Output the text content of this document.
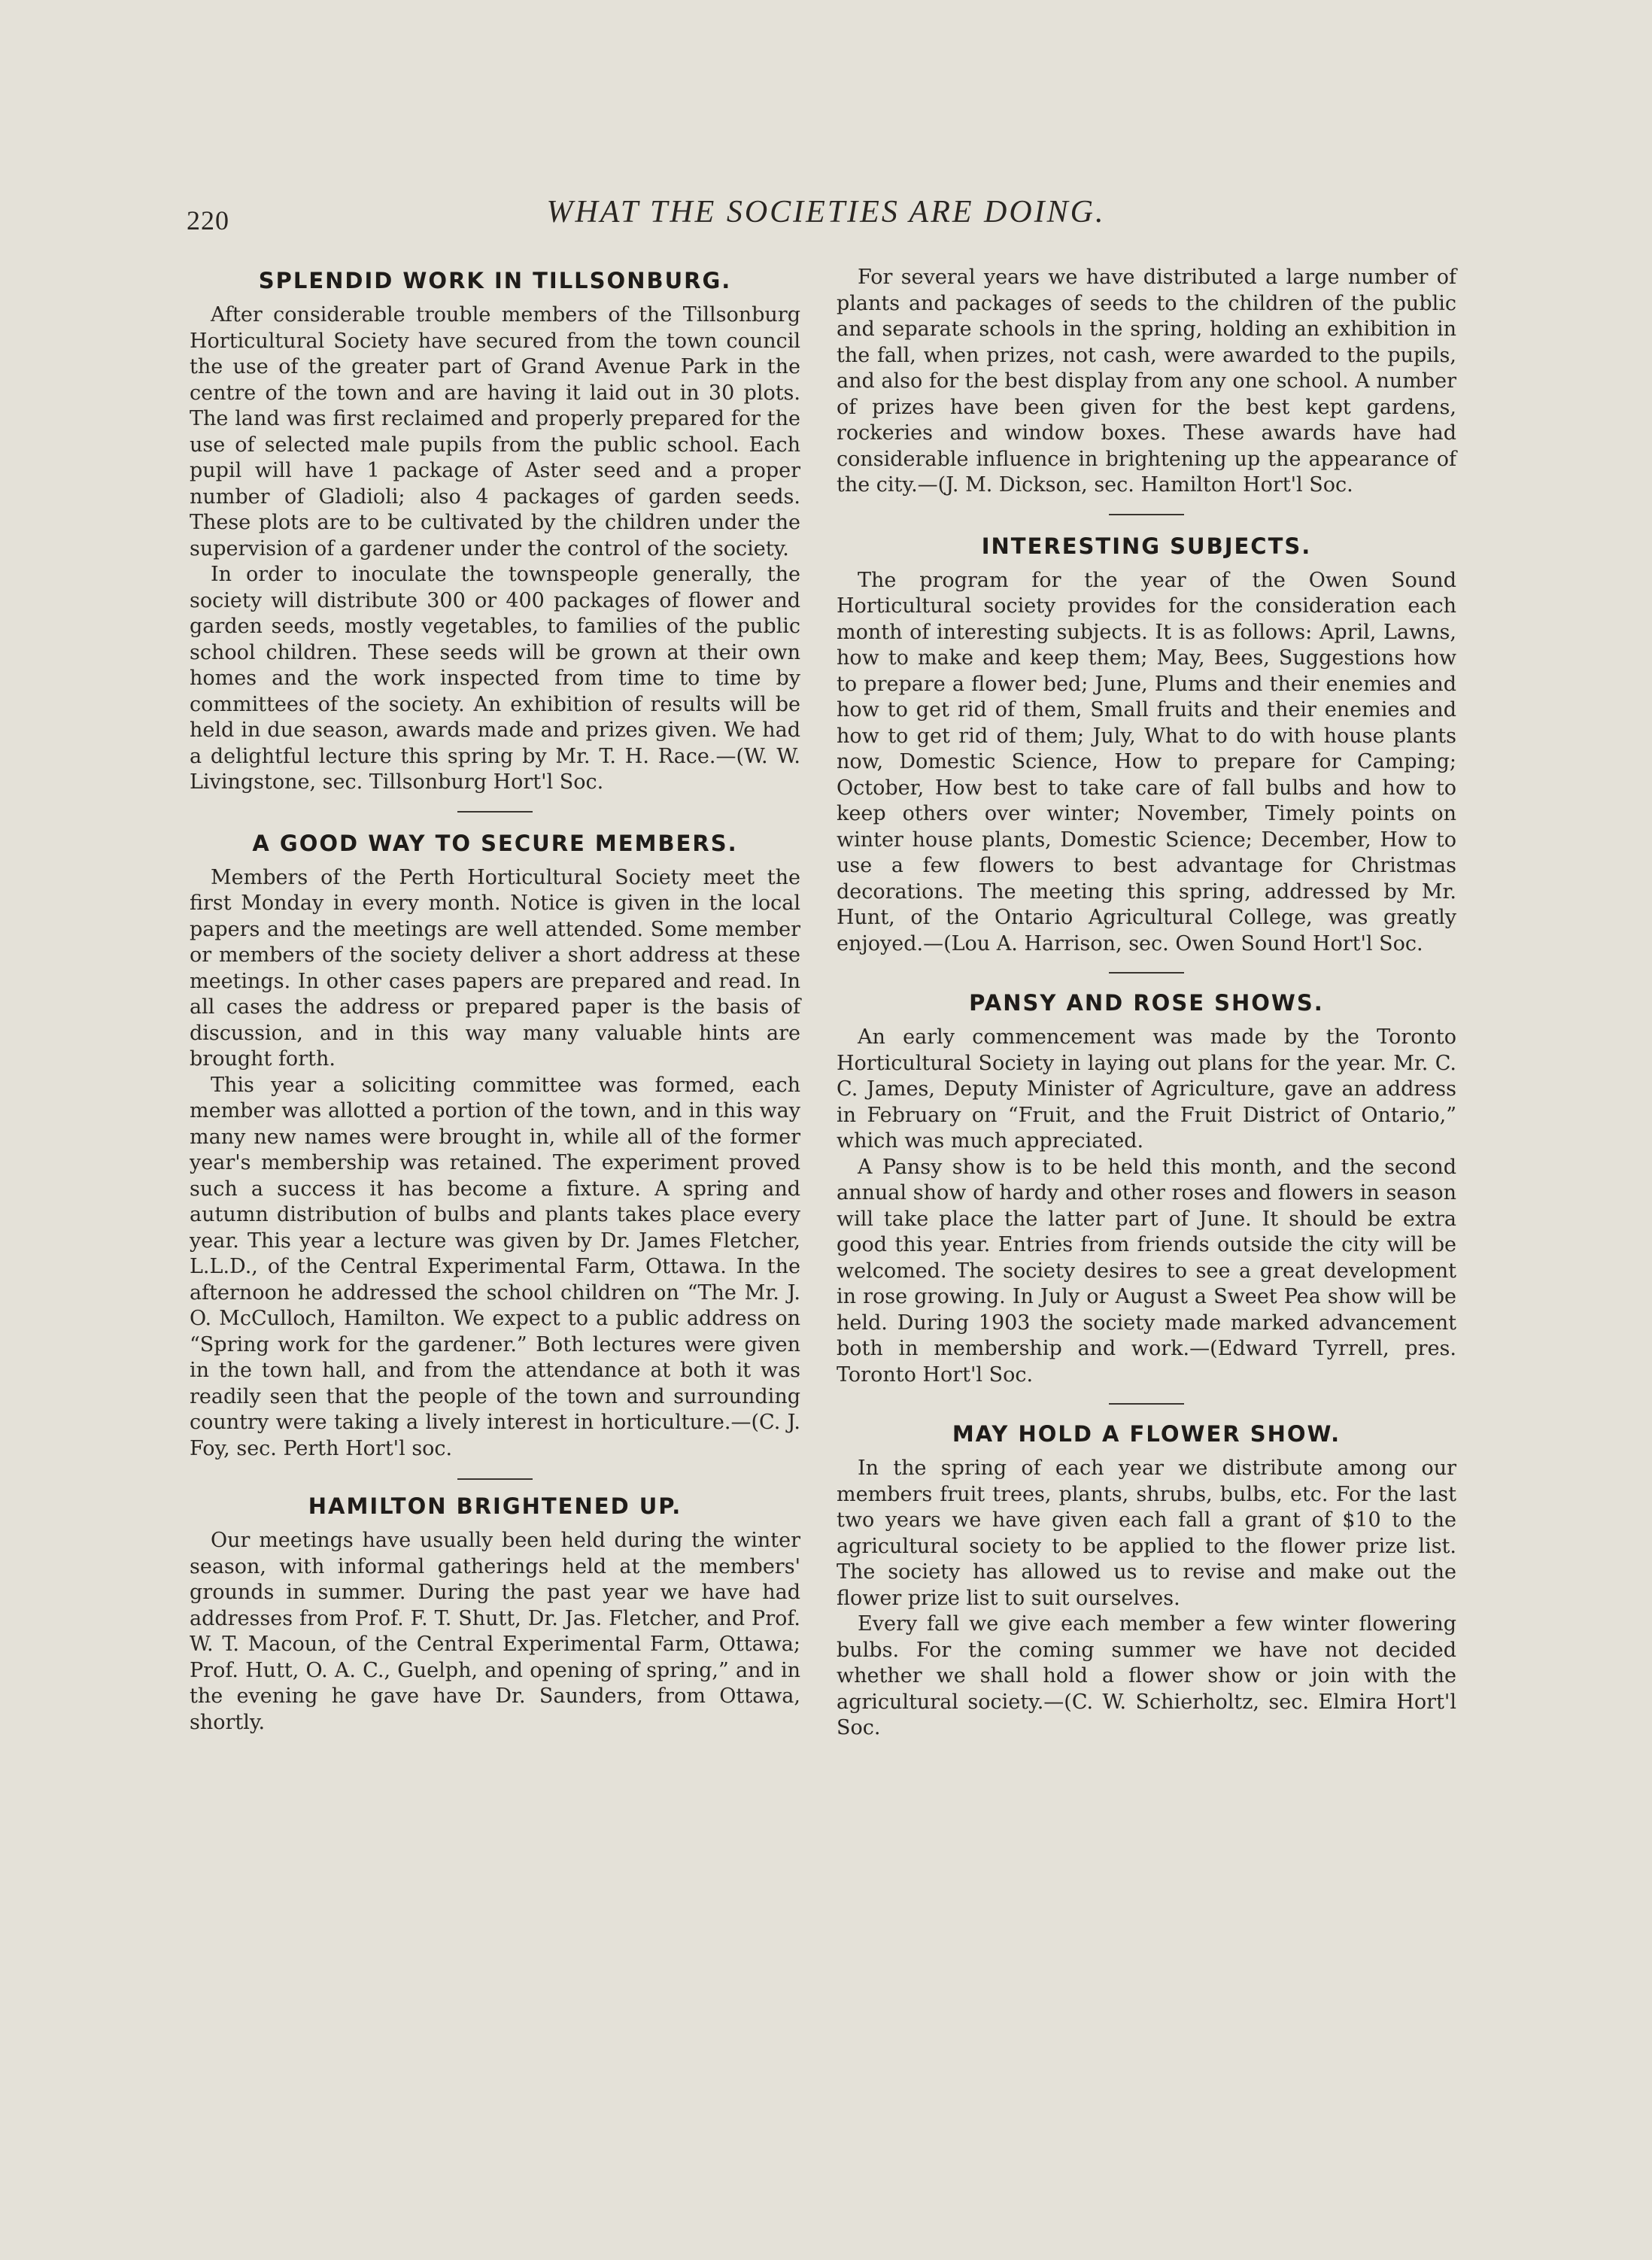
220	WHAT THE SOCIETIES ARE DOING.
SPLENDID WORK IN TILLSONBURG.

After considerable trouble members of the Tillsonburg Horticultural Society have secured from the town council the use of the greater part of Grand Avenue Park in the centre of the town and are having it laid out in 30 plots. The land was first reclaimed and properly prepared for the use of selected male pupils from the public school. Each pupil will have 1 package of Aster seed and a proper number of Gladioli; also 4 packages of garden seeds. These plots are to be cultivated by the children under the supervision of a gardener under the control of the society.

In order to inoculate the townspeople generally, the society will distribute 300 or 400 packages of flower and garden seeds, mostly vegetables, to families of the public school children. These seeds will be grown at their own homes and the work inspected from time to time by committees of the society. An exhibition of results will be held in due season, awards made and prizes given. We had a delightful lecture this spring by Mr. T. H. Race.—(W. W. Livingstone, sec. Tillsonburg Hort'l Soc.

A GOOD WAY TO SECURE MEMBERS.

Members of the Perth Horticultural Society meet the first Monday in every month. Notice is given in the local papers and the meetings are well attended. Some member or members of the society deliver a short address at these meetings. In other cases papers are prepared and read. In all cases the address or prepared paper is the basis of discussion, and in this way many valuable hints are brought forth.

This year a soliciting committee was formed, each member was allotted a portion of the town, and in this way many new names were brought in, while all of the former year's membership was retained. The experiment proved such a success it has become a fixture. A spring and autumn distribution of bulbs and plants takes place every year. This year a lecture was given by Dr. James Fletcher, L.L.D., of the Central Experimental Farm, Ottawa. In the afternoon he addressed the school children on “The Mr. J. O. McCulloch, Hamilton. We expect to a public address on “Spring work for the gardener.” Both lectures were given in the town hall, and from the attendance at both it was readily seen that the people of the town and surrounding country were taking a lively interest in horticulture.—(C. J. Foy, sec. Perth Hort'l soc.

HAMILTON BRIGHTENED UP.

Our meetings have usually been held during the winter season, with informal gatherings held at the members' grounds in summer. During the past year we have had addresses from Prof. F. T. Shutt, Dr. Jas. Fletcher, and Prof. W. T. Macoun, of the Central Experimental Farm, Ottawa; Prof. Hutt, O. A. C., Guelph, and opening of spring,” and in the evening he gave have Dr. Saunders, from Ottawa, shortly.

For several years we have distributed a large number of plants and packages of seeds to the children of the public and separate schools in the spring, holding an exhibition in the fall, when prizes, not cash, were awarded to the pupils, and also for the best display from any one school. A number of prizes have been given for the best kept gardens, rockeries and window boxes. These awards have had considerable influence in brightening up the appearance of the city.—(J. M. Dickson, sec. Hamilton Hort'l Soc.

INTERESTING SUBJECTS.

The program for the year of the Owen Sound Horticultural society provides for the consideration each month of interesting subjects. It is as follows: April, Lawns, how to make and keep them; May, Bees, Suggestions how to prepare a flower bed; June, Plums and their enemies and how to get rid of them, Small fruits and their enemies and how to get rid of them; July, What to do with house plants now, Domestic Science, How to prepare for Camping; October, How best to take care of fall bulbs and how to keep others over winter; November, Timely points on winter house plants, Domestic Science; December, How to use a few flowers to best advantage for Christmas decorations. The meeting this spring, addressed by Mr. Hunt, of the Ontario Agricultural College, was greatly enjoyed.—(Lou A. Harrison, sec. Owen Sound Hort'l Soc.

PANSY AND ROSE SHOWS.

An early commencement was made by the Toronto Horticultural Society in laying out plans for the year. Mr. C. C. James, Deputy Minister of Agriculture, gave an address in February on “Fruit, and the Fruit District of Ontario,” which was much appreciated.

A Pansy show is to be held this month, and the second annual show of hardy and other roses and flowers in season will take place the latter part of June. It should be extra good this year. Entries from friends outside the city will be welcomed. The society desires to see a great development in rose growing. In July or August a Sweet Pea show will be held. During 1903 the society made marked advancement both in membership and work.—(Edward Tyrrell, pres. Toronto Hort'l Soc.

MAY HOLD A FLOWER SHOW.

In the spring of each year we distribute among our members fruit trees, plants, shrubs, bulbs, etc. For the last two years we have given each fall a grant of $10 to the agricultural society to be applied to the flower prize list. The society has allowed us to revise and make out the flower prize list to suit ourselves.

Every fall we give each member a few winter flowering bulbs. For the coming summer we have not decided whether we shall hold a flower show or join with the agricultural society.—(C. W. Schierholtz, sec. Elmira Hort'l Soc.
